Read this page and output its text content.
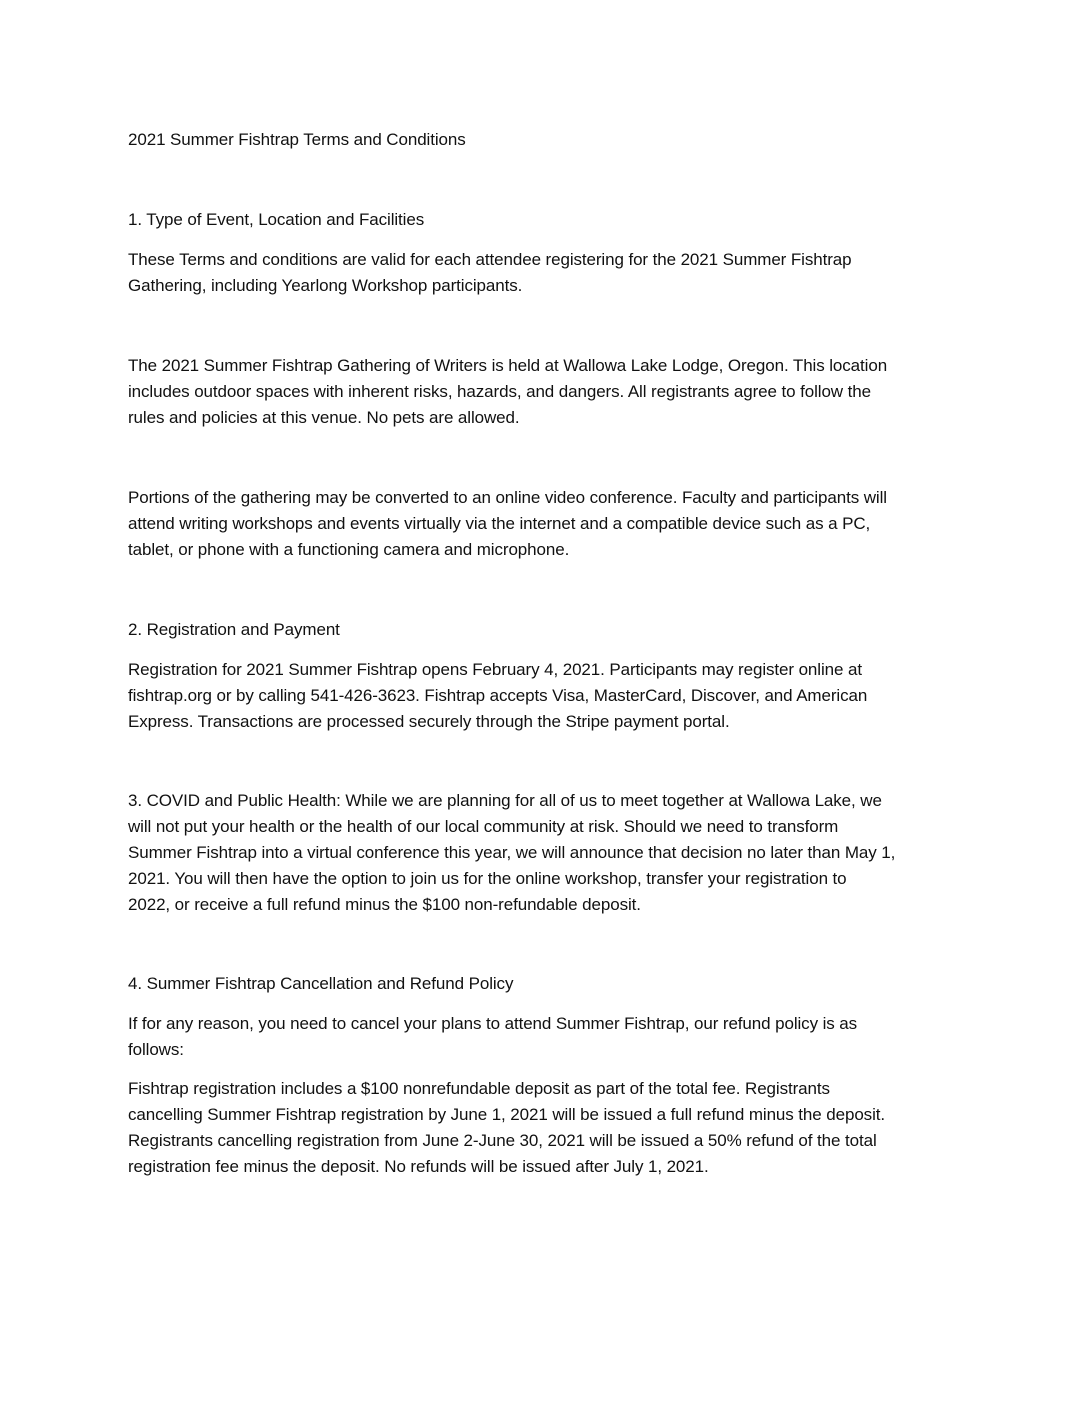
2021 Summer Fishtrap Terms and Conditions
1. Type of Event, Location and Facilities
These Terms and conditions are valid for each attendee registering for the 2021 Summer Fishtrap
Gathering, including Yearlong Workshop participants.
The 2021 Summer Fishtrap Gathering of Writers is held at Wallowa Lake Lodge, Oregon. This location
includes outdoor spaces with inherent risks, hazards, and dangers. All registrants agree to follow the
rules and policies at this venue. No pets are allowed.
Portions of the gathering may be converted to an online video conference. Faculty and participants will
attend writing workshops and events virtually via the internet and a compatible device such as a PC,
tablet, or phone with a functioning camera and microphone.
2. Registration and Payment
Registration for 2021 Summer Fishtrap opens February 4, 2021. Participants may register online at
fishtrap.org or by calling 541-426-3623. Fishtrap accepts Visa, MasterCard, Discover, and American
Express. Transactions are processed securely through the Stripe payment portal.
3. COVID and Public Health: While we are planning for all of us to meet together at Wallowa Lake, we
will not put your health or the health of our local community at risk. Should we need to transform
Summer Fishtrap into a virtual conference this year, we will announce that decision no later than May 1,
2021. You will then have the option to join us for the online workshop, transfer your registration to
2022, or receive a full refund minus the $100 non-refundable deposit.
4. Summer Fishtrap Cancellation and Refund Policy
If for any reason, you need to cancel your plans to attend Summer Fishtrap, our refund policy is as
follows:
Fishtrap registration includes a $100 nonrefundable deposit as part of the total fee. Registrants
cancelling Summer Fishtrap registration by June 1, 2021 will be issued a full refund minus the deposit.
Registrants cancelling registration from June 2-June 30, 2021 will be issued a 50% refund of the total
registration fee minus the deposit. No refunds will be issued after July 1, 2021.
